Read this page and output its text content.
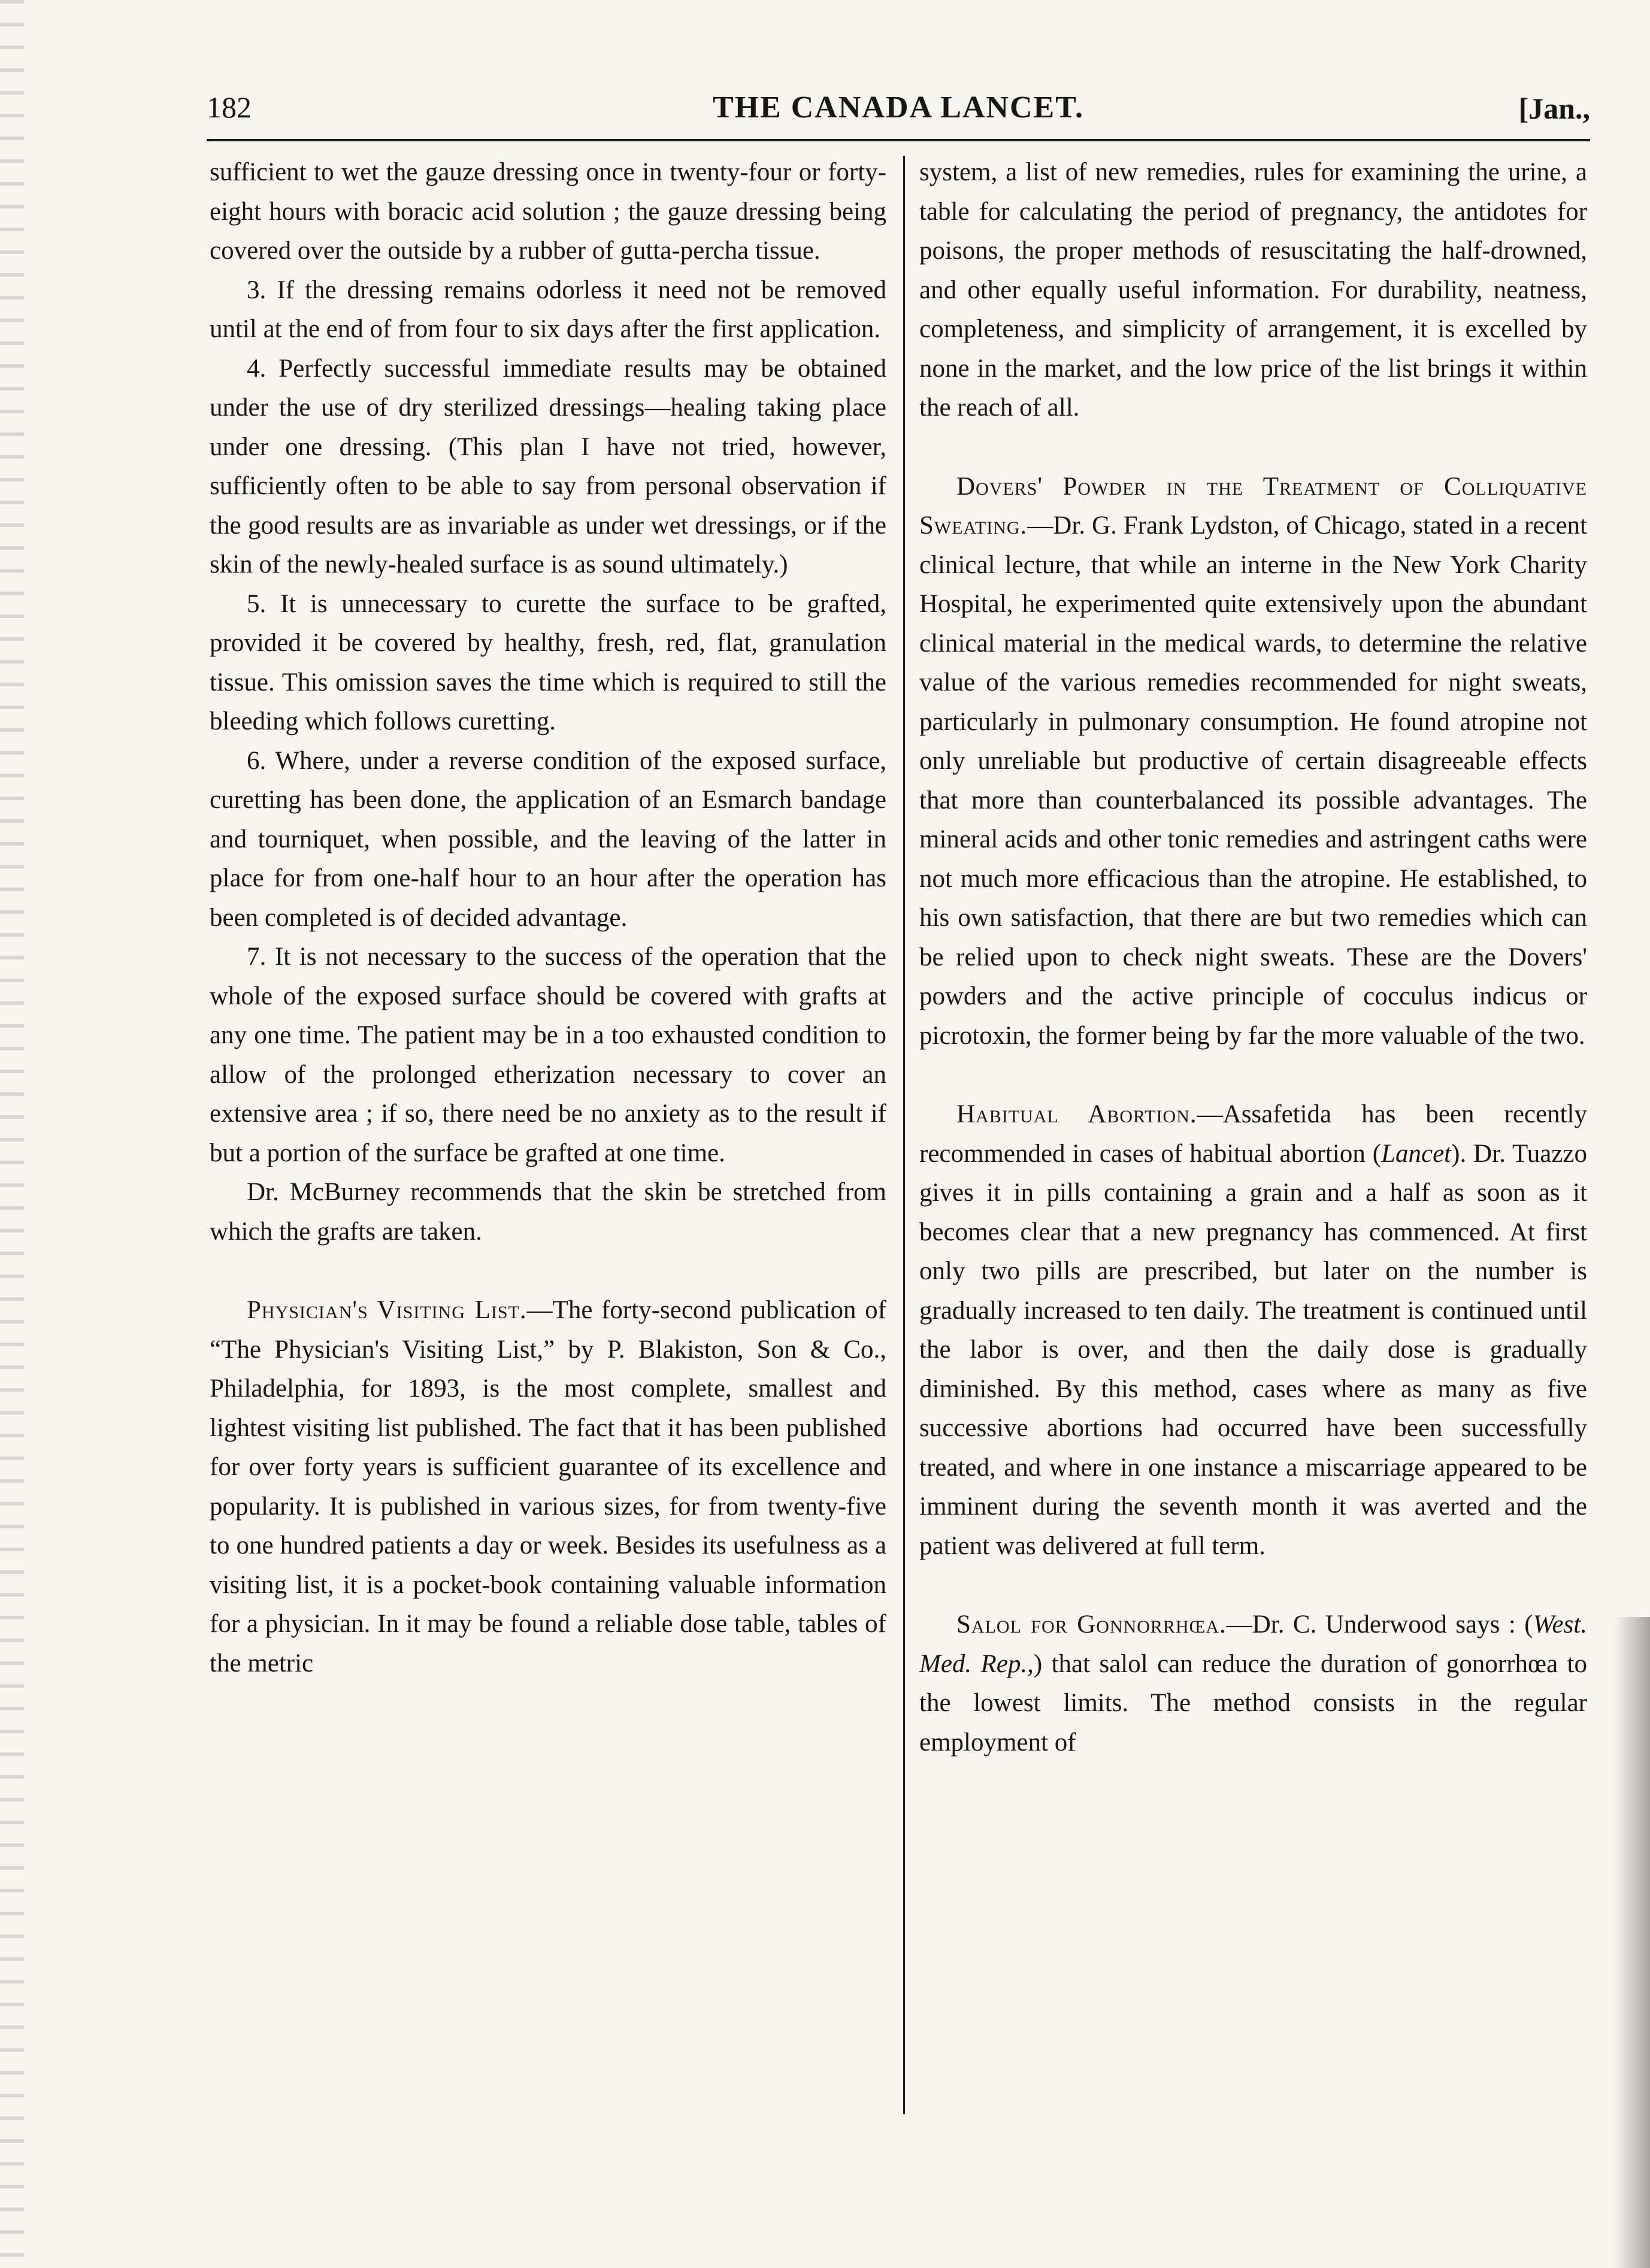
182	THE CANADA LANCET.	[Jan.,

sufficient to wet the gauze dressing once in twenty-four or forty-eight hours with boracic acid solution ; the gauze dressing being covered over the outside by a rubber of gutta-percha tissue.

3. If the dressing remains odorless it need not be removed until at the end of from four to six days after the first application.

4. Perfectly successful immediate results may be obtained under the use of dry sterilized dressings—healing taking place under one dressing. (This plan I have not tried, however, sufficiently often to be able to say from personal observation if the good results are as invariable as under wet dressings, or if the skin of the newly-healed surface is as sound ultimately.)

5. It is unnecessary to curette the surface to be grafted, provided it be covered by healthy, fresh, red, flat, granulation tissue. This omission saves the time which is required to still the bleeding which follows curetting.

6. Where, under a reverse condition of the exposed surface, curetting has been done, the application of an Esmarch bandage and tourniquet, when possible, and the leaving of the latter in place for from one-half hour to an hour after the operation has been completed is of decided advantage.

7. It is not necessary to the success of the operation that the whole of the exposed surface should be covered with grafts at any one time. The patient may be in a too exhausted condition to allow of the prolonged etherization necessary to cover an extensive area ; if so, there need be no anxiety as to the result if but a portion of the surface be grafted at one time.

Dr. McBurney recommends that the skin be stretched from which the grafts are taken.

Physician's Visiting List.—The forty-second publication of “The Physician's Visiting List,” by P. Blakiston, Son & Co., Philadelphia, for 1893, is the most complete, smallest and lightest visiting list published. The fact that it has been published for over forty years is sufficient guarantee of its excellence and popularity. It is published in various sizes, for from twenty-five to one hundred patients a day or week. Besides its usefulness as a visiting list, it is a pocket-book containing valuable information for a physician. In it may be found a reliable dose table, tables of the metric

system, a list of new remedies, rules for examining the urine, a table for calculating the period of pregnancy, the antidotes for poisons, the proper methods of resuscitating the half-drowned, and other equally useful information. For durability, neatness, completeness, and simplicity of arrangement, it is excelled by none in the market, and the low price of the list brings it within the reach of all.

Dovers' Powder in the Treatment of Colliquative Sweating.—Dr. G. Frank Lydston, of Chicago, stated in a recent clinical lecture, that while an interne in the New York Charity Hospital, he experimented quite extensively upon the abundant clinical material in the medical wards, to determine the relative value of the various remedies recommended for night sweats, particularly in pulmonary consumption. He found atropine not only unreliable but productive of certain disagreeable effects that more than counterbalanced its possible advantages. The mineral acids and other tonic remedies and astringent caths were not much more efficacious than the atropine. He established, to his own satisfaction, that there are but two remedies which can be relied upon to check night sweats. These are the Dovers' powders and the active principle of cocculus indicus or picrotoxin, the former being by far the more valuable of the two.

Habitual Abortion.—Assafetida has been recently recommended in cases of habitual abortion (Lancet). Dr. Tuazzo gives it in pills containing a grain and a half as soon as it becomes clear that a new pregnancy has commenced. At first only two pills are prescribed, but later on the number is gradually increased to ten daily. The treatment is continued until the labor is over, and then the daily dose is gradually diminished. By this method, cases where as many as five successive abortions had occurred have been successfully treated, and where in one instance a miscarriage appeared to be imminent during the seventh month it was averted and the patient was delivered at full term.

Salol for Gonnorrhœa.—Dr. C. Underwood says : (West. Med. Rep.,) that salol can reduce the duration of gonorrhœa to the lowest limits. The method consists in the regular employment of
